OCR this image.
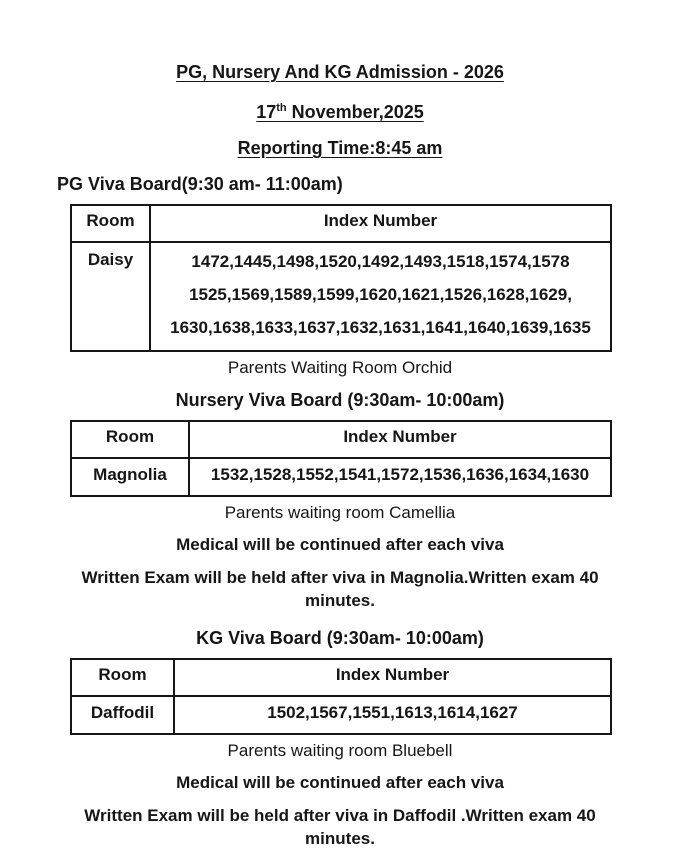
PG, Nursery And KG Admission - 2026
17th November,2025
Reporting Time:8:45 am
PG Viva Board(9:30 am- 11:00am)
Room	Index Number
Daisy	1472,1445,1498,1520,1492,1493,1518,1574,1578
1525,1569,1589,1599,1620,1621,1526,1628,1629,
1630,1638,1633,1637,1632,1631,1641,1640,1639,1635

Parents Waiting Room Orchid

Nursery Viva Board (9:30am- 10:00am)
Room	Index Number
Magnolia	1532,1528,1552,1541,1572,1536,1636,1634,1630

Parents waiting room Camellia

Medical will be continued after each viva

Written Exam will be held after viva in Magnolia.Written exam 40
minutes.

KG Viva Board (9:30am- 10:00am)
Room	Index Number
Daffodil	1502,1567,1551,1613,1614,1627

Parents waiting room Bluebell

Medical will be continued after each viva

Written Exam will be held after viva in Daffodil .Written exam 40
minutes.
